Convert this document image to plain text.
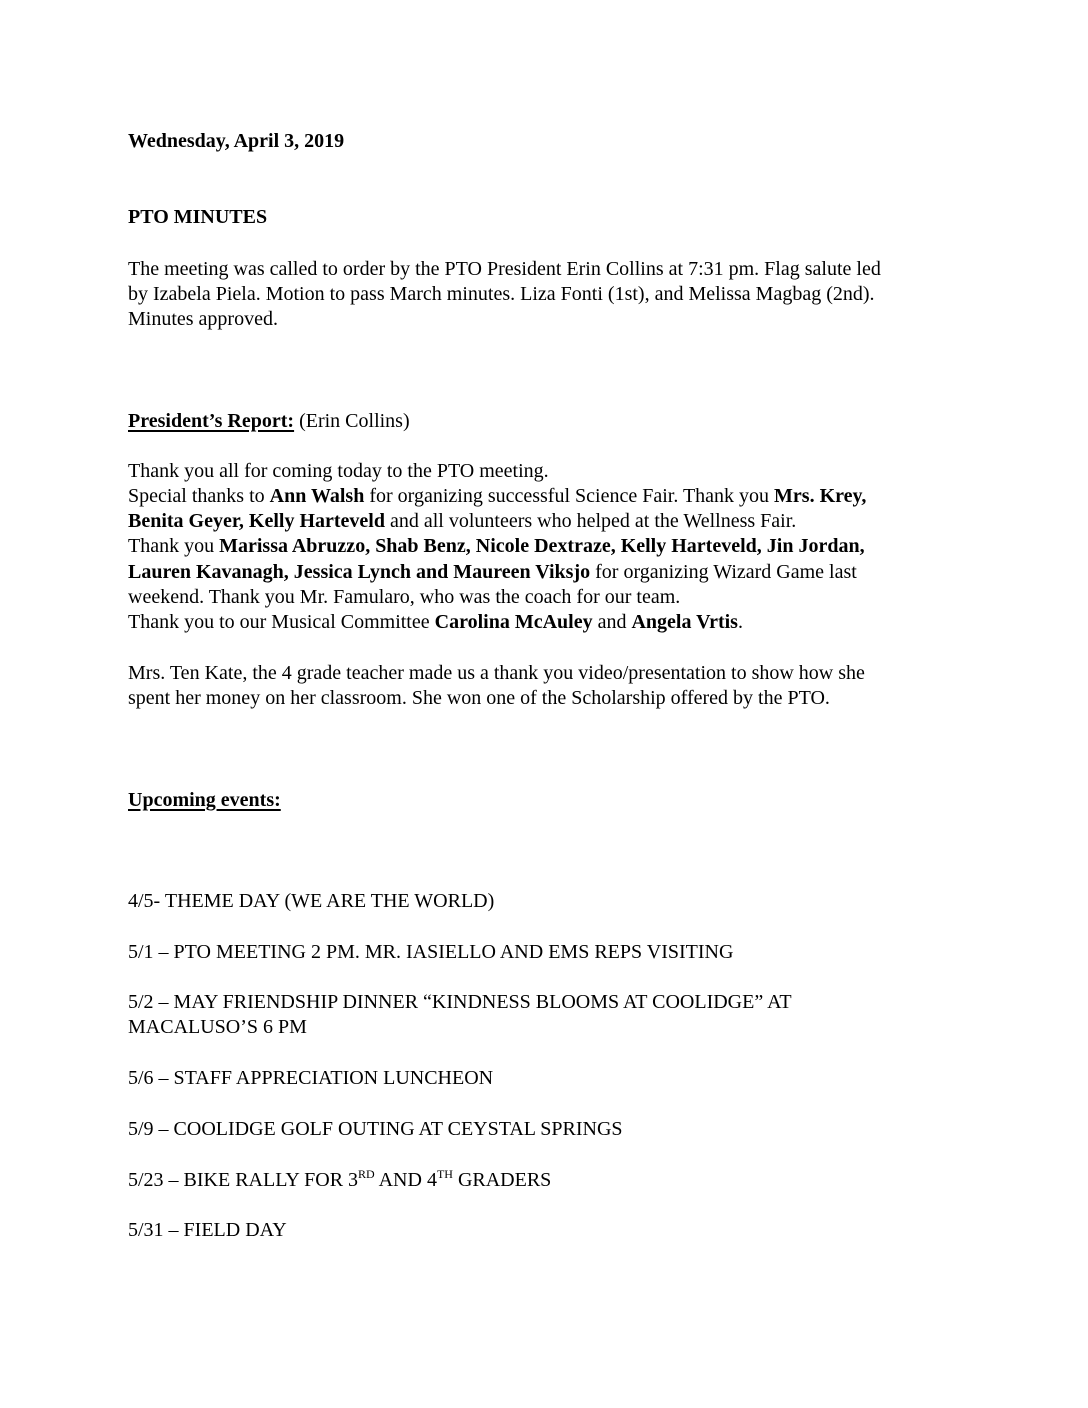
Wednesday, April 3, 2019
PTO MINUTES
The meeting was called to order by the PTO President Erin Collins at 7:31 pm. Flag salute led
by Izabela Piela. Motion to pass March minutes. Liza Fonti (1st), and Melissa Magbag (2nd).
Minutes approved.
President’s Report: (Erin Collins)
Thank you all for coming today to the PTO meeting.
Special thanks to Ann Walsh for organizing successful Science Fair. Thank you Mrs. Krey,
Benita Geyer, Kelly Harteveld and all volunteers who helped at the Wellness Fair.
Thank you Marissa Abruzzo, Shab Benz, Nicole Dextraze, Kelly Harteveld, Jin Jordan,
Lauren Kavanagh, Jessica Lynch and Maureen Viksjo for organizing Wizard Game last
weekend. Thank you Mr. Famularo, who was the coach for our team.
Thank you to our Musical Committee Carolina McAuley and Angela Vrtis.
Mrs. Ten Kate, the 4 grade teacher made us a thank you video/presentation to show how she
spent her money on her classroom. She won one of the Scholarship offered by the PTO.
Upcoming events:
4/5- THEME DAY (WE ARE THE WORLD)
5/1 – PTO MEETING 2 PM. MR. IASIELLO AND EMS REPS VISITING
5/2 – MAY FRIENDSHIP DINNER “KINDNESS BLOOMS AT COOLIDGE” AT
MACALUSO’S 6 PM
5/6 – STAFF APPRECIATION LUNCHEON
5/9 – COOLIDGE GOLF OUTING AT CEYSTAL SPRINGS
5/23 – BIKE RALLY FOR 3RD AND 4TH GRADERS
5/31 – FIELD DAY
